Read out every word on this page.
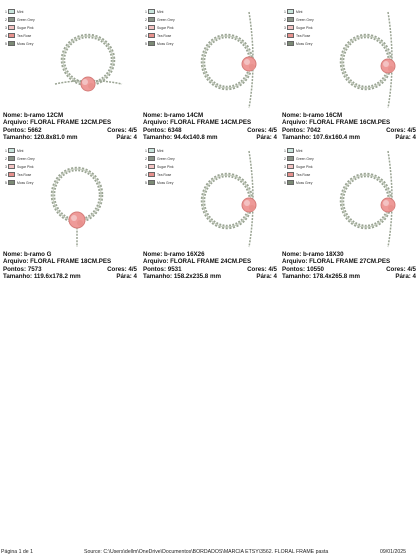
1	Mint
2	Green Grey
3	Sugar Pink
4	Tea Rose
5	Moss Grey
Nome: b-ramo 12CM
Arquivo: FLORAL FRAME 12CM.PES
Pontos: 5662	Cores: 4/5
Tamanho: 120.8x81.0 mm	Pára: 4
1	Mint
2	Green Grey
3	Sugar Pink
4	Tea Rose
5	Moss Grey
Nome: b-ramo 14CM
Arquivo: FLORAL FRAME 14CM.PES
Pontos: 6348	Cores: 4/5
Tamanho: 94.4x140.8 mm	Pára: 4
1	Mint
2	Green Grey
3	Sugar Pink
4	Tea Rose
5	Moss Grey
Nome: b-ramo 16CM
Arquivo: FLORAL FRAME 16CM.PES
Pontos: 7042	Cores: 4/5
Tamanho: 107.6x160.4 mm	Pára: 4
1	Mint
2	Green Grey
3	Sugar Pink
4	Tea Rose
5	Moss Grey
Nome: b-ramo G
Arquivo: FLORAL FRAME 18CM.PES
Pontos: 7573	Cores: 4/5
Tamanho: 119.6x178.2 mm	Pára: 4
1	Mint
2	Green Grey
3	Sugar Pink
4	Tea Rose
5	Moss Grey
Nome: b-ramo 16X26
Arquivo: FLORAL FRAME 24CM.PES
Pontos: 9531	Cores: 4/5
Tamanho: 158.2x235.8 mm	Pára: 4
1	Mint
2	Green Grey
3	Sugar Pink
4	Tea Rose
5	Moss Grey
Nome: b-ramo 18X30
Arquivo: FLORAL FRAME 27CM.PES
Pontos: 10550	Cores: 4/5
Tamanho: 178.4x265.8 mm	Pára: 4
Página 1 de 1	Source: C:\Users\dellm\OneDrive\Documentos\BORDADOS\MARCIA ETSY\3562. FLORAL FRAME pasta	09/01/2025
